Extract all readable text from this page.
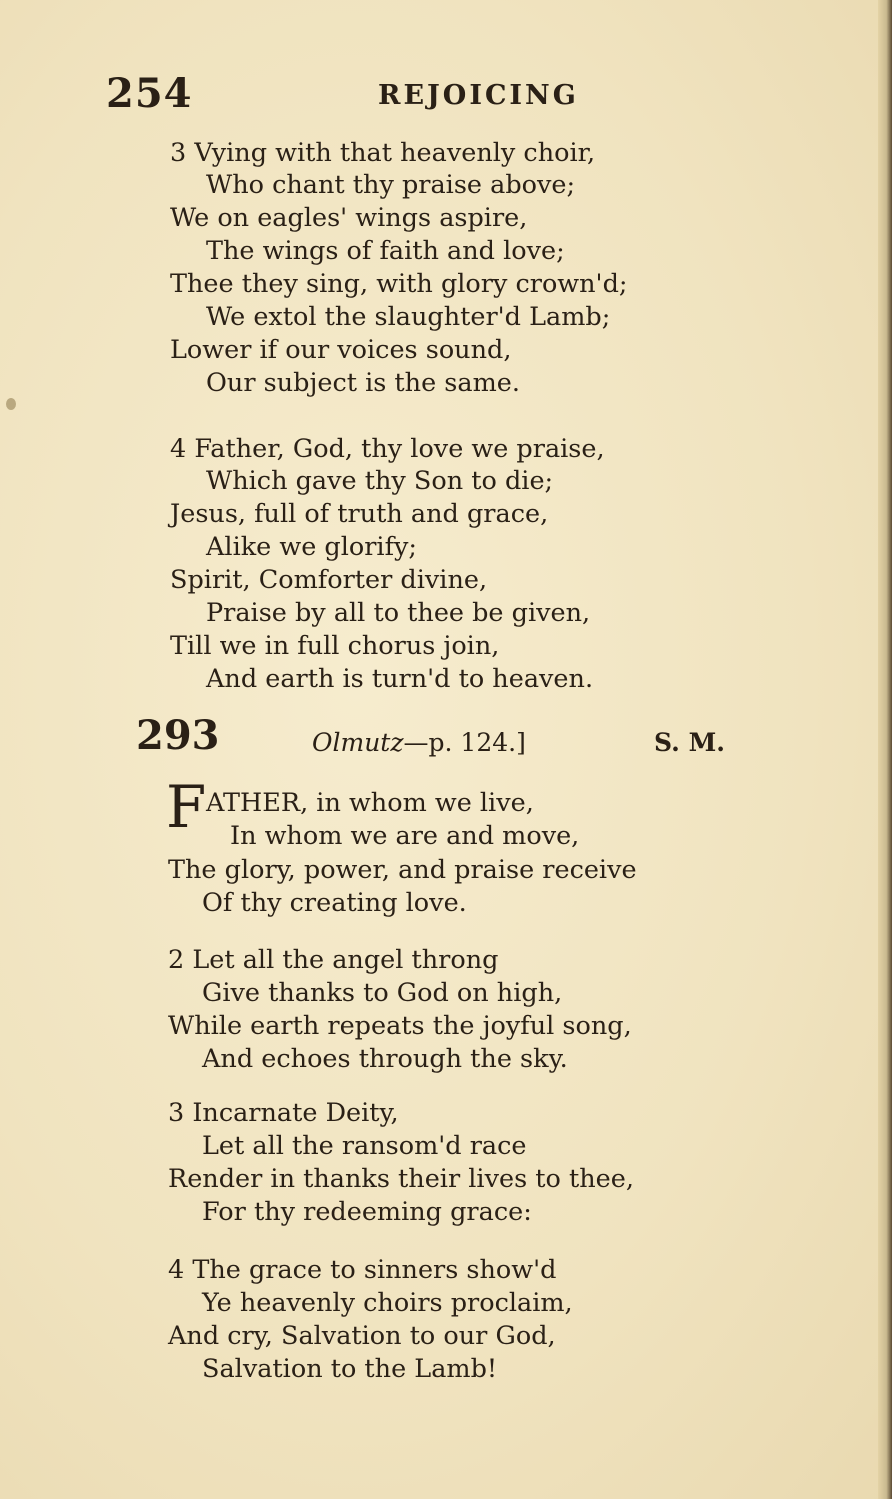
254	REJOICING
3 Vying with that heavenly choir,
Who chant thy praise above;
We on eagles' wings aspire,
The wings of faith and love;
Thee they sing, with glory crown'd;
We extol the slaughter'd Lamb;
Lower if our voices sound,
Our subject is the same.
4 Father, God, thy love we praise,
Which gave thy Son to die;
Jesus, full of truth and grace,
Alike we glorify;
Spirit, Comforter divine,
Praise by all to thee be given,
Till we in full chorus join,
And earth is turn'd to heaven.
293	Olmutz—p. 124.]	S. M.
F ATHER, in whom we live,
In whom we are and move,
The glory, power, and praise receive
Of thy creating love.
2 Let all the angel throng
Give thanks to God on high,
While earth repeats the joyful song,
And echoes through the sky.
3 Incarnate Deity,
Let all the ransom'd race
Render in thanks their lives to thee,
For thy redeeming grace:
4 The grace to sinners show'd
Ye heavenly choirs proclaim,
And cry, Salvation to our God,
Salvation to the Lamb!
